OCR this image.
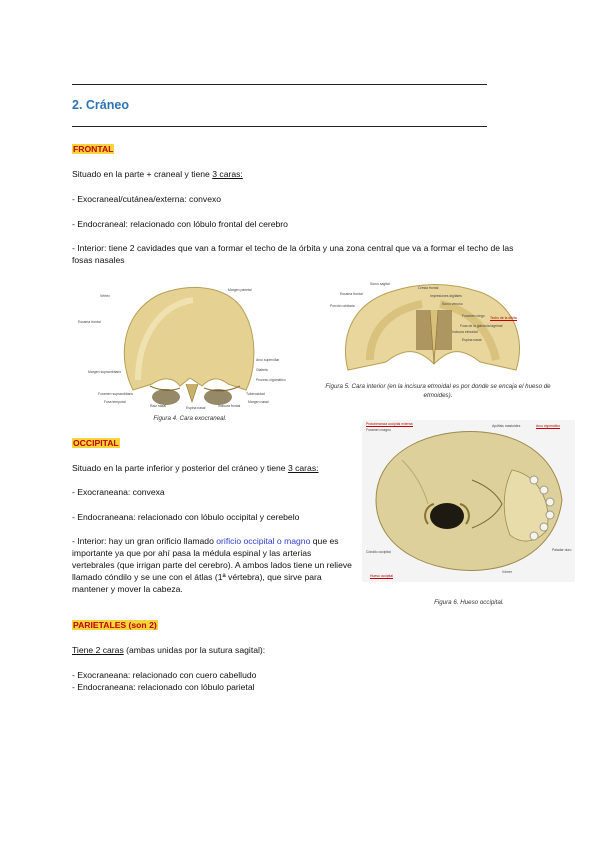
2. Cráneo

FRONTAL

Situado en la parte + craneal y tiene 3 caras:

- Exocraneal/cutánea/externa: convexo

- Endocraneal: relacionado con lóbulo frontal del cerebro

- Interior: tiene 2 cavidades que van a formar el techo de la órbita y una zona central que va a formar el techo de las fosas nasales

Vértex
Margen parietal
Escama frontal
Arco superciliar
Glabela
Proceso cigomático
Margen supraorbitario
Foramen supraorbitario	Tuberosidad
Margen nasal
Fosa temporal
Raíz nasal	Incisura frontal
Espina nasal
Figura 4. Cara exocraneal.
Surco sagital
Cresta frontal
Escama frontal	Impresiones digitales
Porción orbitaria	Surco venoso
Incisura etmoidal
Fosa de la glándula lagrimal
Espina nasal
Foramen ciego Techo de la órbita
Figura 5. Cara interior (en la incisura etmoidal es por donde se encaja el hueso de etmoides).

OCCIPITAL

Situado en la parte inferior y posterior del cráneo y tiene 3 caras:

- Exocraneana: convexa

- Endocraneana: relacionado con lóbulo occipital y cerebelo

- Interior: hay un gran orificio llamado orificio occipital o magno que es importante ya que por ahí pasa la médula espinal y las arterias vertebrales (que irrigan parte del cerebro). A ambos lados tiene un relieve llamado cóndilo y se une con el átlas (1ª vértebra), que sirve para mantener y mover la cabeza.

Protuberancia occipital externa
Foramen magno
Cóndilo occipital
Apófisis mastoides	Arco cigomático
Paladar duro
Hueso occipital
Vómer
Figura 6. Hueso occipital.

PARIETALES (son 2)

Tiene 2 caras (ambas unidas por la sutura sagital):

- Exocraneana: relacionado con cuero cabelludo

- Endocraneana: relacionado con lóbulo parietal
